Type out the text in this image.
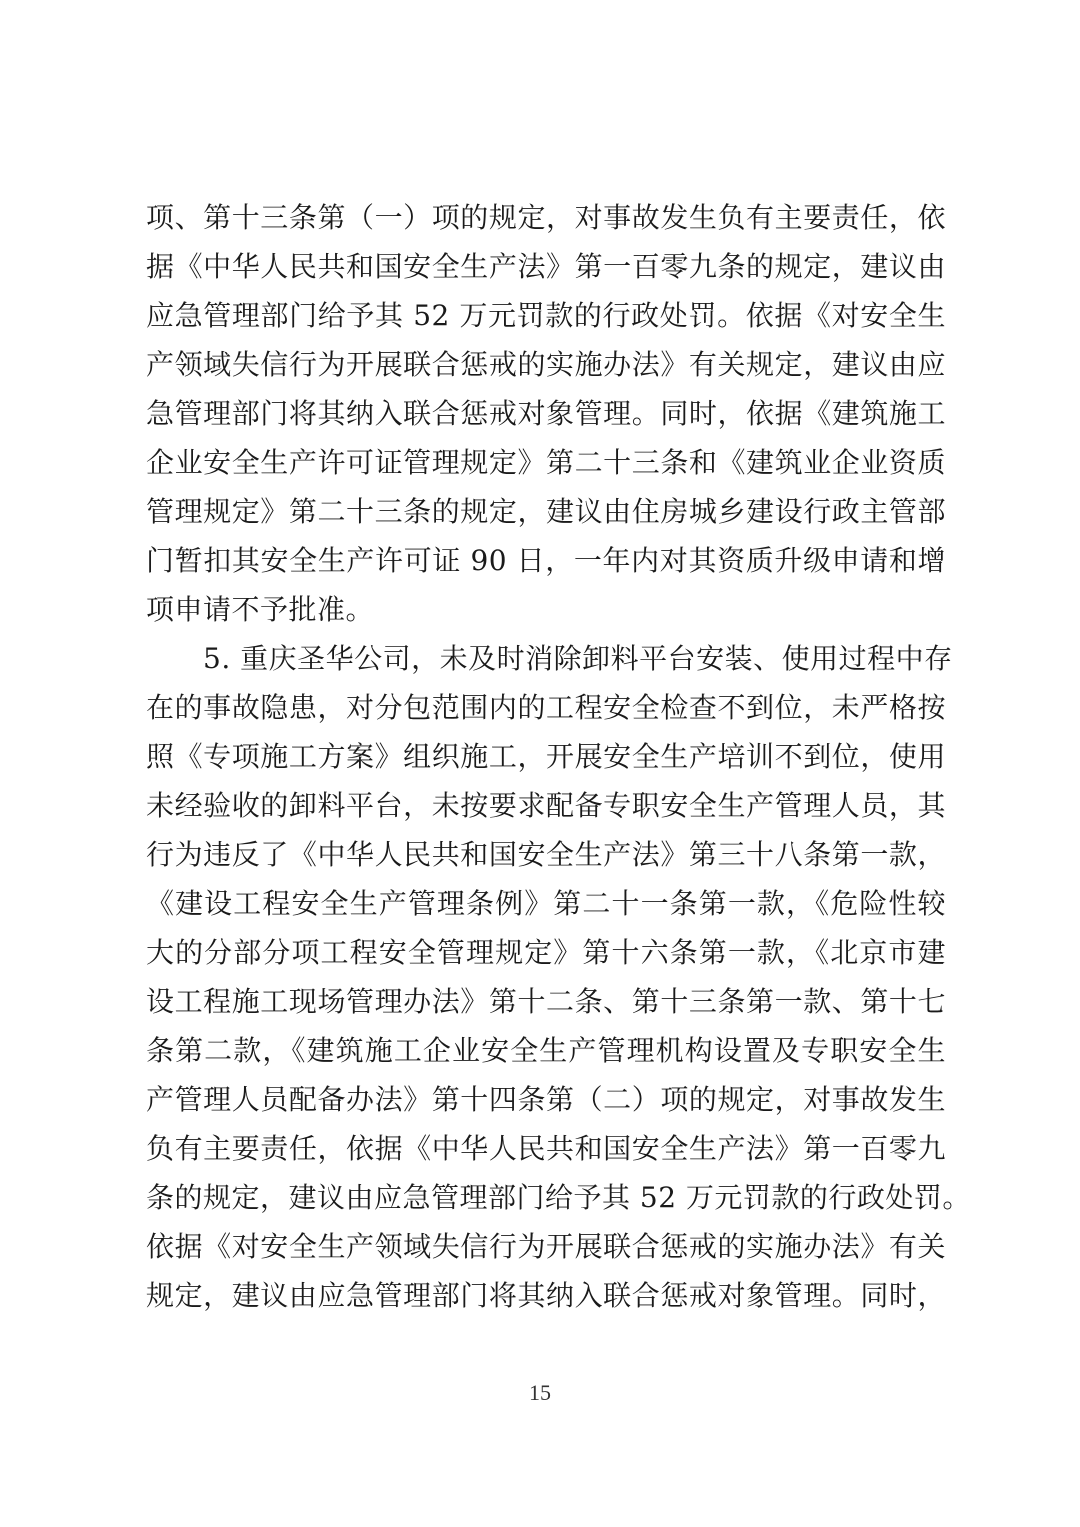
项、第十三条第（一）项的规定，对事故发生负有主要责任，依
据《中华人民共和国安全生产法》第一百零九条的规定，建议由
应急管理部门给予其 52 万元罚款的行政处罚。依据《对安全生
产领域失信行为开展联合惩戒的实施办法》有关规定，建议由应
急管理部门将其纳入联合惩戒对象管理。同时，依据《建筑施工
企业安全生产许可证管理规定》第二十三条和《建筑业企业资质
管理规定》第二十三条的规定，建议由住房城乡建设行政主管部
门暂扣其安全生产许可证 90 日，一年内对其资质升级申请和增
项申请不予批准。
　　5. 重庆圣华公司，未及时消除卸料平台安装、使用过程中存
在的事故隐患，对分包范围内的工程安全检查不到位，未严格按
照《专项施工方案》组织施工，开展安全生产培训不到位，使用
未经验收的卸料平台，未按要求配备专职安全生产管理人员，其
行为违反了《中华人民共和国安全生产法》第三十八条第一款，
《建设工程安全生产管理条例》第二十一条第一款，《危险性较
大的分部分项工程安全管理规定》第十六条第一款，《北京市建
设工程施工现场管理办法》第十二条、第十三条第一款、第十七
条第二款，《建筑施工企业安全生产管理机构设置及专职安全生
产管理人员配备办法》第十四条第（二）项的规定，对事故发生
负有主要责任，依据《中华人民共和国安全生产法》第一百零九
条的规定，建议由应急管理部门给予其 52 万元罚款的行政处罚。
依据《对安全生产领域失信行为开展联合惩戒的实施办法》有关
规定，建议由应急管理部门将其纳入联合惩戒对象管理。同时，
15
